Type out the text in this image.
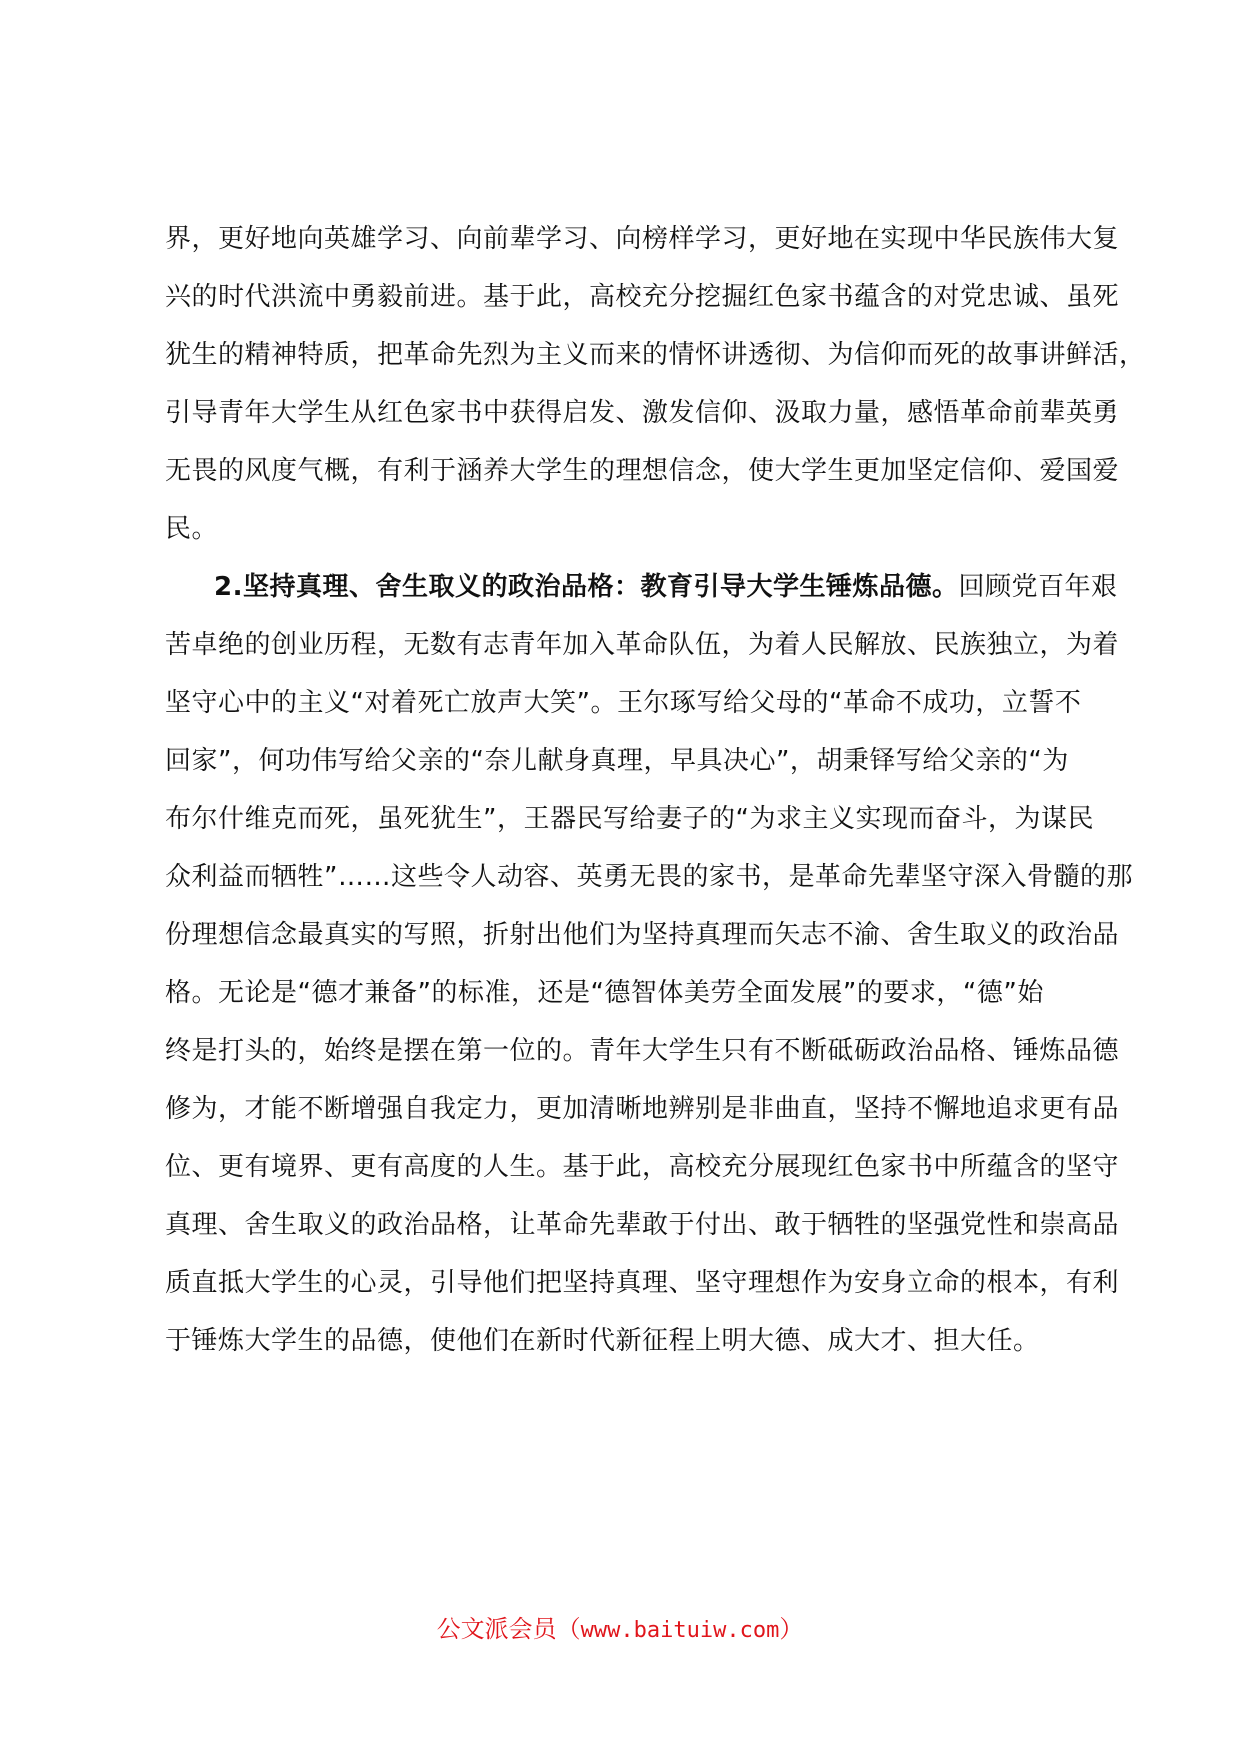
界，更好地向英雄学习、向前辈学习、向榜样学习，更好地在实现中华民族伟大复
兴的时代洪流中勇毅前进。基于此，高校充分挖掘红色家书蕴含的对党忠诚、虽死
犹生的精神特质，把革命先烈为主义而来的情怀讲透彻、为信仰而死的故事讲鲜活，
引导青年大学生从红色家书中获得启发、激发信仰、汲取力量，感悟革命前辈英勇
无畏的风度气概，有利于涵养大学生的理想信念，使大学生更加坚定信仰、爱国爱
民。
2.坚持真理、舍生取义的政治品格：教育引导大学生锤炼品德。回顾党百年艰
苦卓绝的创业历程，无数有志青年加入革命队伍，为着人民解放、民族独立，为着
坚守心中的主义“对着死亡放声大笑”。王尔琢写给父母的“革命不成功，立誓不
回家”，何功伟写给父亲的“奈儿献身真理，早具决心”，胡秉铎写给父亲的“为
布尔什维克而死，虽死犹生”，王器民写给妻子的“为求主义实现而奋斗，为谋民
众利益而牺牲”……这些令人动容、英勇无畏的家书，是革命先辈坚守深入骨髓的那
份理想信念最真实的写照，折射出他们为坚持真理而矢志不渝、舍生取义的政治品
格。无论是“德才兼备”的标准，还是“德智体美劳全面发展”的要求，“德”始
终是打头的，始终是摆在第一位的。青年大学生只有不断砥砺政治品格、锤炼品德
修为，才能不断增强自我定力，更加清晰地辨别是非曲直，坚持不懈地追求更有品
位、更有境界、更有高度的人生。基于此，高校充分展现红色家书中所蕴含的坚守
真理、舍生取义的政治品格，让革命先辈敢于付出、敢于牺牲的坚强党性和崇高品
质直抵大学生的心灵，引导他们把坚持真理、坚守理想作为安身立命的根本，有利
于锤炼大学生的品德，使他们在新时代新征程上明大德、成大才、担大任。
公文派会员（www.baituiw.com）
